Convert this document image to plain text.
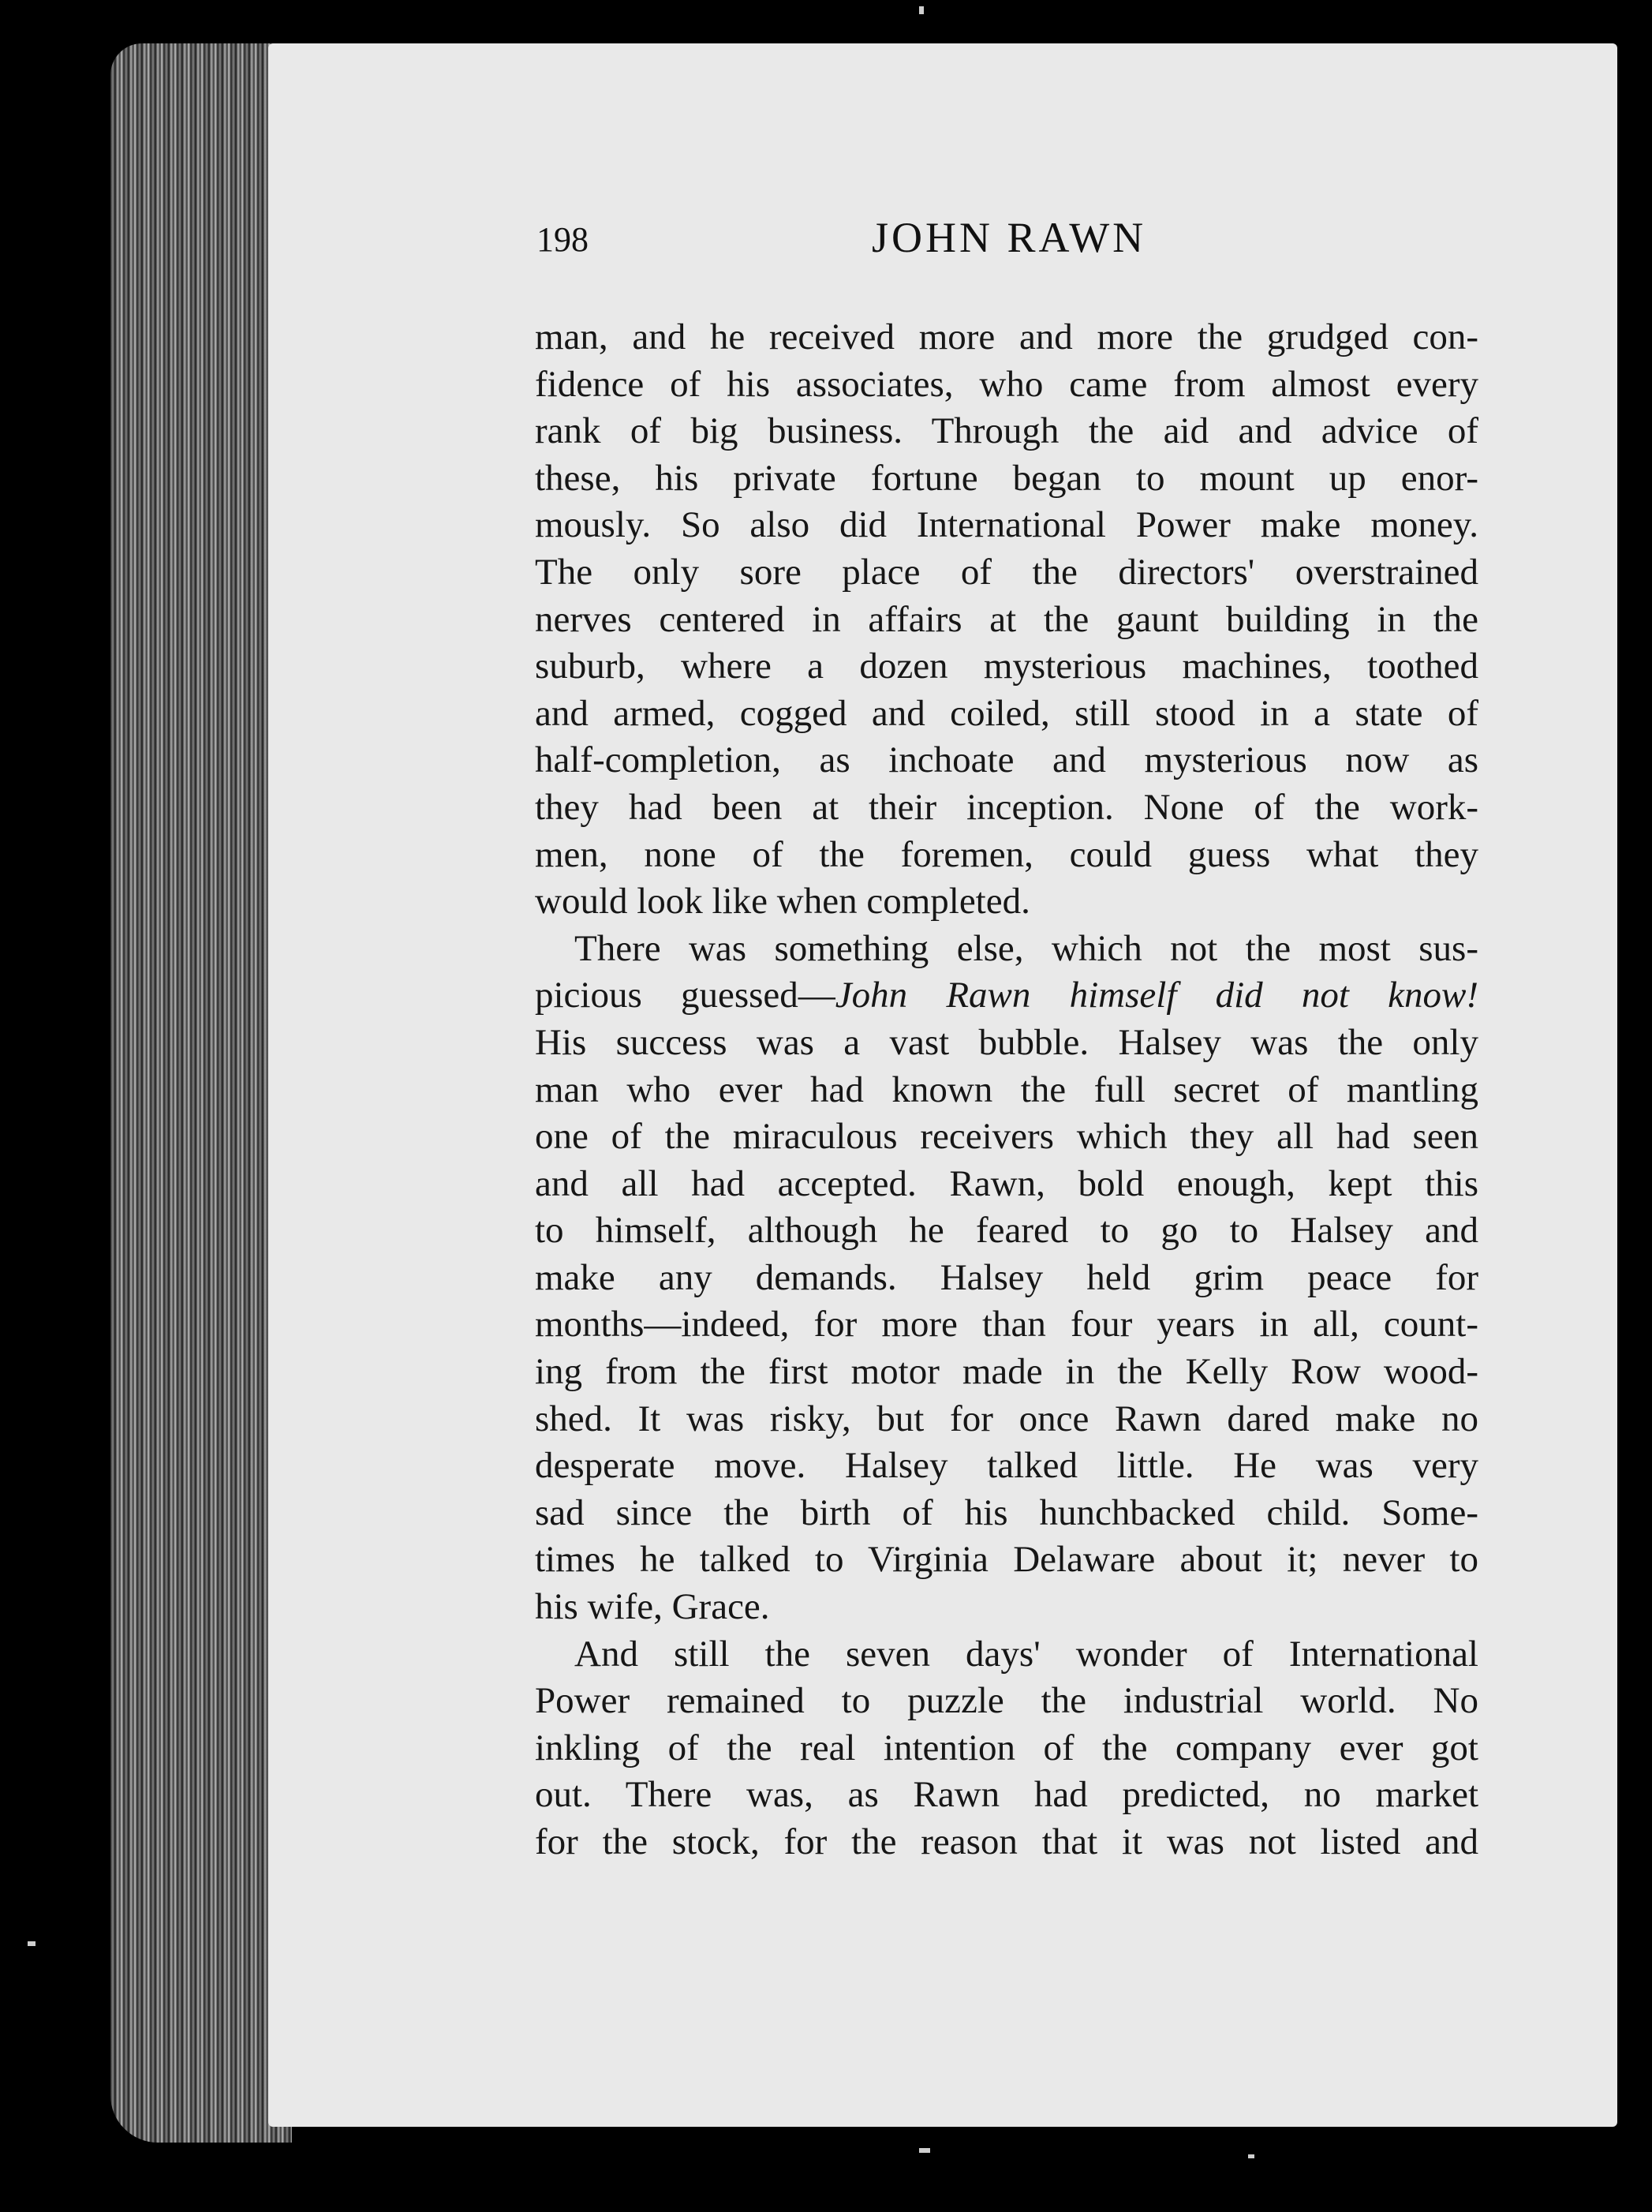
198	JOHN RAWN
man, and he received more and more the grudged con-
fidence of his associates, who came from almost every
rank of big business. Through the aid and advice of
these, his private fortune began to mount up enor-
mously. So also did International Power make money.
The only sore place of the directors' overstrained
nerves centered in affairs at the gaunt building in the
suburb, where a dozen mysterious machines, toothed
and armed, cogged and coiled, still stood in a state of
half-completion, as inchoate and mysterious now as
they had been at their inception. None of the work-
men, none of the foremen, could guess what they
would look like when completed.
There was something else, which not the most sus-
picious guessed—John Rawn himself did not know!
His success was a vast bubble. Halsey was the only
man who ever had known the full secret of mantling
one of the miraculous receivers which they all had seen
and all had accepted. Rawn, bold enough, kept this
to himself, although he feared to go to Halsey and
make any demands. Halsey held grim peace for
months—indeed, for more than four years in all, count-
ing from the first motor made in the Kelly Row wood-
shed. It was risky, but for once Rawn dared make no
desperate move. Halsey talked little. He was very
sad since the birth of his hunchbacked child. Some-
times he talked to Virginia Delaware about it; never to
his wife, Grace.
And still the seven days' wonder of International
Power remained to puzzle the industrial world. No
inkling of the real intention of the company ever got
out. There was, as Rawn had predicted, no market
for the stock, for the reason that it was not listed and
